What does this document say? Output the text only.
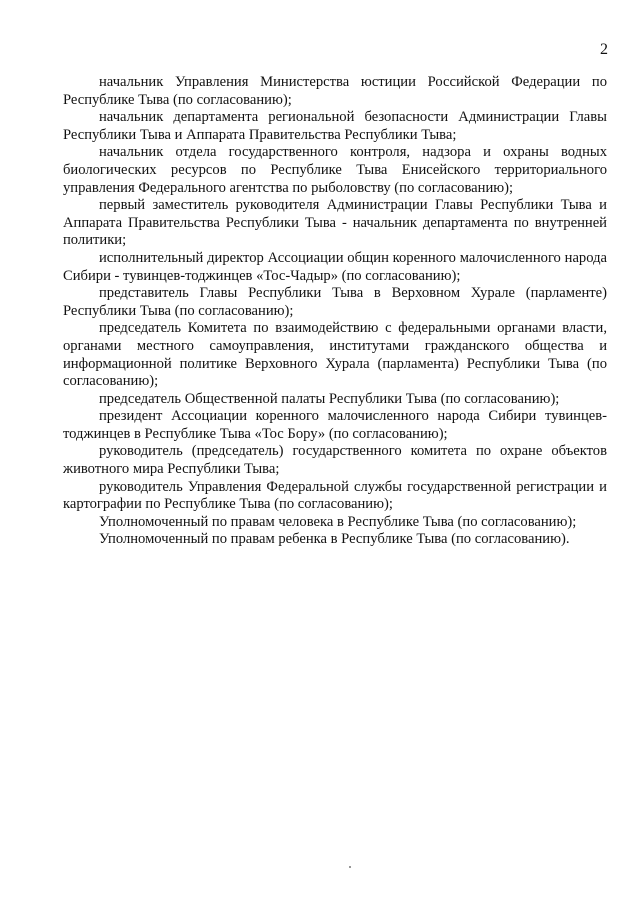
2

начальник Управления Министерства юстиции Российской Федерации по Республике Тыва (по согласованию);

начальник департамента региональной безопасности Администрации Главы Республики Тыва и Аппарата Правительства Республики Тыва;

начальник отдела государственного контроля, надзора и охраны водных биологических ресурсов по Республике Тыва Енисейского территориального управления Федерального агентства по рыболовству (по согласованию);

первый заместитель руководителя Администрации Главы Республики Тыва и Аппарата Правительства Республики Тыва - начальник департамента по внутренней политики;

исполнительный директор Ассоциации общин коренного малочисленного народа Сибири - тувинцев-тоджинцев «Тос-Чадыр» (по согласованию);

представитель Главы Республики Тыва в Верховном Хурале (парламенте) Республики Тыва (по согласованию);

председатель Комитета по взаимодействию с федеральными органами власти, органами местного самоуправления, институтами гражданского общества и информационной политике Верховного Хурала (парламента) Республики Тыва (по согласованию);

председатель Общественной палаты Республики Тыва (по согласованию);

президент Ассоциации коренного малочисленного народа Сибири тувинцев-тоджинцев в Республике Тыва «Тос Бору» (по согласованию);

руководитель (председатель) государственного комитета по охране объектов животного мира Республики Тыва;

руководитель Управления Федеральной службы государственной регистрации и картографии по Республике Тыва (по согласованию);

Уполномоченный по правам человека в Республике Тыва (по согласованию);

Уполномоченный по правам ребенка в Республике Тыва (по согласованию).
